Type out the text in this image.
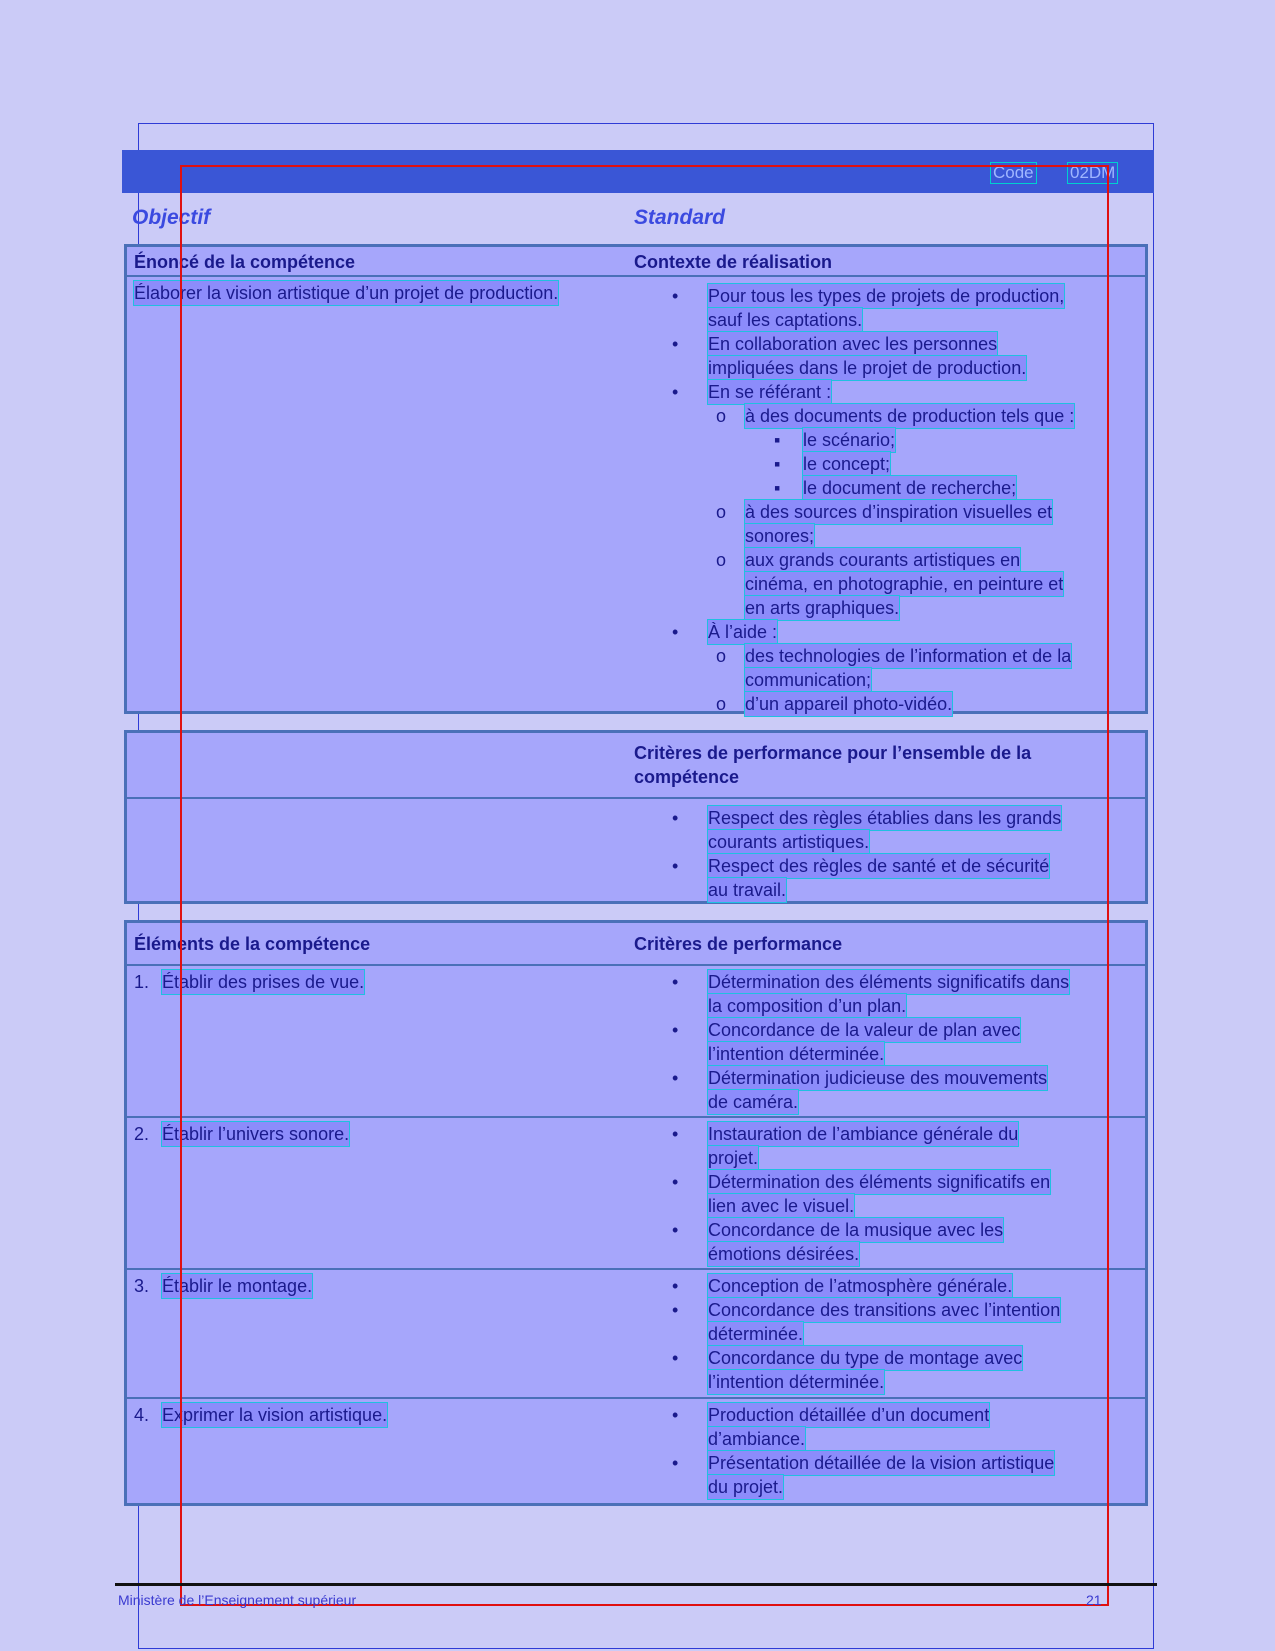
Code 02DM
Objectif	Standard
Énoncé de la compétence	Contexte de réalisation
Élaborer la vision artistique d’un projet de production.	• Pour tous les types de projets de production,
sauf les captations.
• En collaboration avec les personnes
impliquées dans le projet de production.
• En se référant :
o à des documents de production tels que :
▪ le scénario;
▪ le concept;
▪ le document de recherche;
o à des sources d’inspiration visuelles et
sonores;
o aux grands courants artistiques en
cinéma, en photographie, en peinture et
en arts graphiques.
• À l’aide :
o des technologies de l’information et de la
communication;
o d’un appareil photo-vidéo.
Critères de performance pour l’ensemble de la
compétence
• Respect des règles établies dans les grands
courants artistiques.
• Respect des règles de santé et de sécurité
au travail.
Éléments de la compétence	Critères de performance
1. Établir des prises de vue.	• Détermination des éléments significatifs dans
la composition d’un plan.
• Concordance de la valeur de plan avec
l’intention déterminée.
• Détermination judicieuse des mouvements
de caméra.
2. Établir l’univers sonore.	• Instauration de l’ambiance générale du
projet.
• Détermination des éléments significatifs en
lien avec le visuel.
• Concordance de la musique avec les
émotions désirées.
3. Établir le montage.	• Conception de l’atmosphère générale.
• Concordance des transitions avec l’intention
déterminée.
• Concordance du type de montage avec
l’intention déterminée.
4. Exprimer la vision artistique.	• Production détaillée d’un document
d’ambiance.
• Présentation détaillée de la vision artistique
du projet.
Ministère de l’Enseignement supérieur	21
